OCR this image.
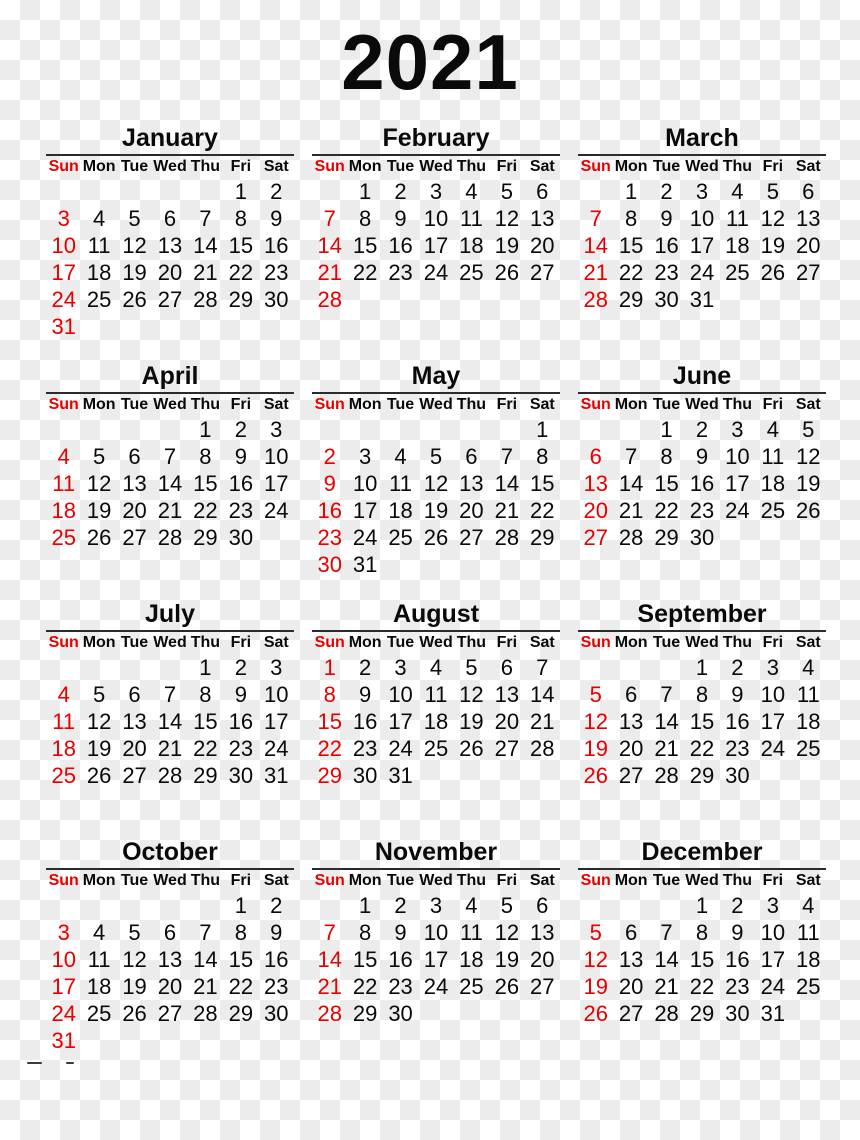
2021
January
Sun	Mon	Tue	Wed	Thu	Fri	Sat
					1	2
3	4	5	6	7	8	9
10	11	12	13	14	15	16
17	18	19	20	21	22	23
24	25	26	27	28	29	30
31						
February
Sun	Mon	Tue	Wed	Thu	Fri	Sat
	1	2	3	4	5	6
7	8	9	10	11	12	13
14	15	16	17	18	19	20
21	22	23	24	25	26	27
28						
March
Sun	Mon	Tue	Wed	Thu	Fri	Sat
	1	2	3	4	5	6
7	8	9	10	11	12	13
14	15	16	17	18	19	20
21	22	23	24	25	26	27
28	29	30	31			
April
Sun	Mon	Tue	Wed	Thu	Fri	Sat
				1	2	3
4	5	6	7	8	9	10
11	12	13	14	15	16	17
18	19	20	21	22	23	24
25	26	27	28	29	30	
May
Sun	Mon	Tue	Wed	Thu	Fri	Sat
						1
2	3	4	5	6	7	8
9	10	11	12	13	14	15
16	17	18	19	20	21	22
23	24	25	26	27	28	29
30	31					
June
Sun	Mon	Tue	Wed	Thu	Fri	Sat
		1	2	3	4	5
6	7	8	9	10	11	12
13	14	15	16	17	18	19
20	21	22	23	24	25	26
27	28	29	30			
July
Sun	Mon	Tue	Wed	Thu	Fri	Sat
				1	2	3
4	5	6	7	8	9	10
11	12	13	14	15	16	17
18	19	20	21	22	23	24
25	26	27	28	29	30	31
August
Sun	Mon	Tue	Wed	Thu	Fri	Sat
1	2	3	4	5	6	7
8	9	10	11	12	13	14
15	16	17	18	19	20	21
22	23	24	25	26	27	28
29	30	31				
September
Sun	Mon	Tue	Wed	Thu	Fri	Sat
			1	2	3	4
5	6	7	8	9	10	11
12	13	14	15	16	17	18
19	20	21	22	23	24	25
26	27	28	29	30		
October
Sun	Mon	Tue	Wed	Thu	Fri	Sat
					1	2
3	4	5	6	7	8	9
10	11	12	13	14	15	16
17	18	19	20	21	22	23
24	25	26	27	28	29	30
31						
November
Sun	Mon	Tue	Wed	Thu	Fri	Sat
	1	2	3	4	5	6
7	8	9	10	11	12	13
14	15	16	17	18	19	20
21	22	23	24	25	26	27
28	29	30				
December
Sun	Mon	Tue	Wed	Thu	Fri	Sat
			1	2	3	4
5	6	7	8	9	10	11
12	13	14	15	16	17	18
19	20	21	22	23	24	25
26	27	28	29	30	31	
